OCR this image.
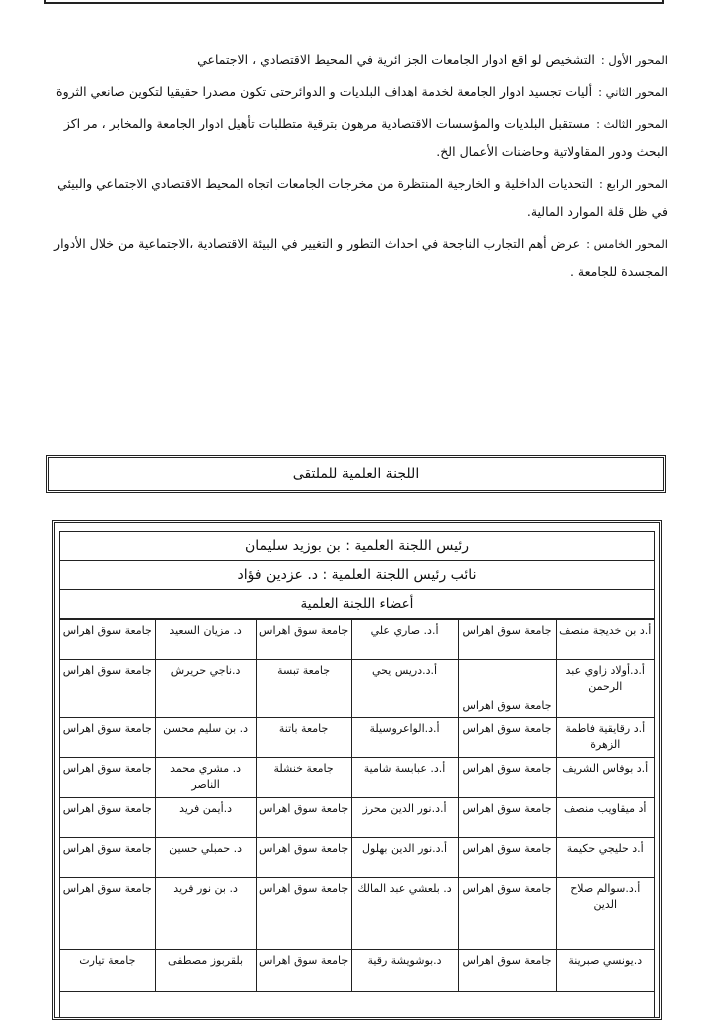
المحور الأول :التشخيص لو اقع ادوار الجامعات الجز ائرية في المحيط الاقتصادي ، الاجتماعي

المحور الثاني :أليات تجسيد ادوار الجامعة لخدمة اهداف البلديات و الدوائرحتى تكون مصدرا حقيقيا لتكوين صانعي الثروة

المحور الثالث :مستقبل البلديات والمؤسسات الاقتصادية مرهون بترقية متطلبات تأهيل ادوار الجامعة والمخابر ، مر اكز البحث ودور المقاولاتية وحاضنات الأعمال الخ.

المحور الرابع :التحديات الداخلية و الخارجية المنتظرة من مخرجات الجامعات اتجاه المحيط الاقتصادي الاجتماعي والبيئي في ظل قلة الموارد المالية.

المحور الخامس :عرض أهم التجارب الناجحة في احداث التطور و التغيير في البيئة الاقتصادية ،الاجتماعية من خلال الأدوار المجسدة للجامعة .

اللجنة العلمية للملتقى
رئيس اللجنة العلمية : بن بوزيد سليمان
نائب رئيس اللجنة العلمية : د. عزدين فؤاد
أعضاء اللجنة العلمية
أ.د بن خديجة منصف	جامعة سوق اهراس	أ.د. صاري علي	جامعة سوق اهراس	د. مزيان السعيد	جامعة سوق اهراس
أ.د.أولاد زاوي عبد الرحمن	جامعة سوق اهراس	أ.د.دريس يحي	جامعة تبسة	د.ناجي حريرش	جامعة سوق اهراس
أ.د رقايقية فاطمة الزهرة	جامعة سوق اهراس	أ.د.الواعروسيلة	جامعة باتنة	د. بن سليم محسن	جامعة سوق اهراس
أ.د بوفاس الشريف	جامعة سوق اهراس	أ.د. عبابسة شامية	جامعة خنشلة	د. مشري محمد الناصر	جامعة سوق اهراس
أد ميقاويب منصف	جامعة سوق اهراس	أ.د.نور الدين محرز	جامعة سوق اهراس	د.أيمن فريد	جامعة سوق اهراس
أ.د حليجي حكيمة	جامعة سوق اهراس	أ.د.نور الدين بهلول	جامعة سوق اهراس	د. حمبلي حسين	جامعة سوق اهراس
أ.د.سوالم صلاح الدين	جامعة سوق اهراس	د. بلعشي عبد المالك	جامعة سوق اهراس	د. بن نور فريد	جامعة سوق اهراس
د.يونسي صبرينة	جامعة سوق اهراس	د.بوشويشة رقية	جامعة سوق اهراس	بلقربوز مصطفى	جامعة تيارت
